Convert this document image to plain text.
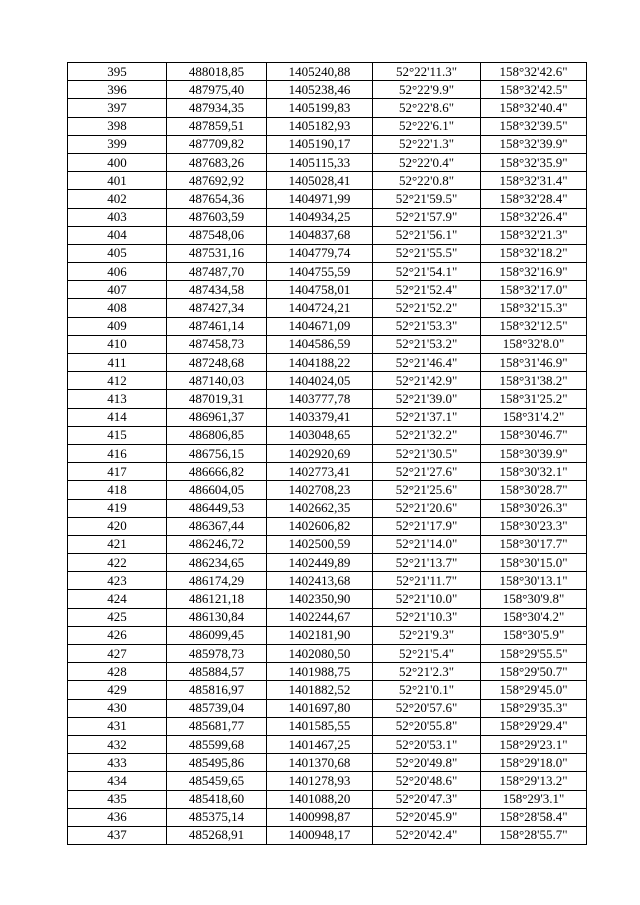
395	488018,85	1405240,88	52°22'11.3"	158°32'42.6"
396	487975,40	1405238,46	52°22'9.9"	158°32'42.5"
397	487934,35	1405199,83	52°22'8.6"	158°32'40.4"
398	487859,51	1405182,93	52°22'6.1"	158°32'39.5"
399	487709,82	1405190,17	52°22'1.3"	158°32'39.9"
400	487683,26	1405115,33	52°22'0.4"	158°32'35.9"
401	487692,92	1405028,41	52°22'0.8"	158°32'31.4"
402	487654,36	1404971,99	52°21'59.5"	158°32'28.4"
403	487603,59	1404934,25	52°21'57.9"	158°32'26.4"
404	487548,06	1404837,68	52°21'56.1"	158°32'21.3"
405	487531,16	1404779,74	52°21'55.5"	158°32'18.2"
406	487487,70	1404755,59	52°21'54.1"	158°32'16.9"
407	487434,58	1404758,01	52°21'52.4"	158°32'17.0"
408	487427,34	1404724,21	52°21'52.2"	158°32'15.3"
409	487461,14	1404671,09	52°21'53.3"	158°32'12.5"
410	487458,73	1404586,59	52°21'53.2"	158°32'8.0"
411	487248,68	1404188,22	52°21'46.4"	158°31'46.9"
412	487140,03	1404024,05	52°21'42.9"	158°31'38.2"
413	487019,31	1403777,78	52°21'39.0"	158°31'25.2"
414	486961,37	1403379,41	52°21'37.1"	158°31'4.2"
415	486806,85	1403048,65	52°21'32.2"	158°30'46.7"
416	486756,15	1402920,69	52°21'30.5"	158°30'39.9"
417	486666,82	1402773,41	52°21'27.6"	158°30'32.1"
418	486604,05	1402708,23	52°21'25.6"	158°30'28.7"
419	486449,53	1402662,35	52°21'20.6"	158°30'26.3"
420	486367,44	1402606,82	52°21'17.9"	158°30'23.3"
421	486246,72	1402500,59	52°21'14.0"	158°30'17.7"
422	486234,65	1402449,89	52°21'13.7"	158°30'15.0"
423	486174,29	1402413,68	52°21'11.7"	158°30'13.1"
424	486121,18	1402350,90	52°21'10.0"	158°30'9.8"
425	486130,84	1402244,67	52°21'10.3"	158°30'4.2"
426	486099,45	1402181,90	52°21'9.3"	158°30'5.9"
427	485978,73	1402080,50	52°21'5.4"	158°29'55.5"
428	485884,57	1401988,75	52°21'2.3"	158°29'50.7"
429	485816,97	1401882,52	52°21'0.1"	158°29'45.0"
430	485739,04	1401697,80	52°20'57.6"	158°29'35.3"
431	485681,77	1401585,55	52°20'55.8"	158°29'29.4"
432	485599,68	1401467,25	52°20'53.1"	158°29'23.1"
433	485495,86	1401370,68	52°20'49.8"	158°29'18.0"
434	485459,65	1401278,93	52°20'48.6"	158°29'13.2"
435	485418,60	1401088,20	52°20'47.3"	158°29'3.1"
436	485375,14	1400998,87	52°20'45.9"	158°28'58.4"
437	485268,91	1400948,17	52°20'42.4"	158°28'55.7"
